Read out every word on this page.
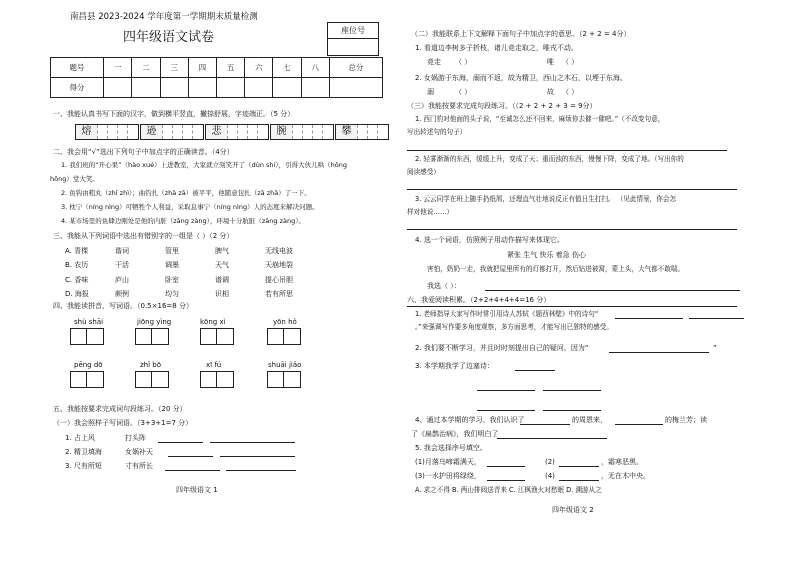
南昌县 2023-2024 学年度第一学期期末质量检测
四年级语文试卷	座位号
题号	一	二	三	四	五	六	七	八	总分
得分									
一、我能认真书写下面的汉字，做到横平竖直，撇捺舒展，字迹端正。（5 分）
熔	逊	悲	腕	攀
二、我会用“√”选出下列句子中加点字的正确读音。（4分）
1. 我们班的“开心果”（hào xué）上进教室，大家就立刻笑开了（dùn shí），引得大伙儿哄（hǒng
hōng）堂大笑。
2. 鱼钩由粗丸（zhǐ zhì）；曲钓扎（zhā zā）被平平，他随意包扎（zā zhā）了一下。
3. 枕宁（níng nìng）可牺牲个人利益，采取息事宁（níng nìng）人的态度来解决问题。
4. 某市场里的鱼肆边刚处是他的内脏（zāng zàng），环境十分肮脏（zāng zàng）。
三、我能从下列词语中选出有错别字的一组是（ ）（2 分）
A. 青棵	谐词	管里	脾气	无线电波
B. 农历	干活	调墨	天气	天崩地裂
C. 香味	庐山	卧室	谱调	提心吊胆
D. 海报	颇例	均匀	识相	若有所思
四、我能读拼音，写词语。（0.5×16=8 分）
shù shāi	jiōng yìng	kōng xì	yōn hǒ
pēng dō	zhǐ bō	xī fú	shuāi jiǎo
五、我能按要求完成词句段练习。（20 分）
（一）我会照样子写词语。（3+3+1=7 分）
1. 占上风	打头阵
2. 精卫填海	女娲补天
3. 尺有所短	寸有所长
四年级语文 1
（二）我能联系上下文解释下面句子中加点字的意思。（2 + 2 = 4分）
1. 看道边李树多子折枝，诸儿竞走取之，唯戎不动。
竞走 （ ）	唯 （ ）
2. 女娲游于东海，溺而不返，故为精卫，西山之木石，以堙于东海。
溺	（ ）	故 （ ）
（三）我能按要求完成句段练习。（（2 + 2 + 2 + 3 = 9分）
1. 西门豹对他面的头子说，“至诚怎么还不回来，麻烦你去催一催吧。”（不改变句意，
写出转述句的句子）
2. 轻雾渐渐的东西，缓缓上升，变成了天；重而浊的东西，慢慢下降，变成了地。（写出你的
阅读感受）
3. 云云同学在班上随手扔纸屑，还理直气壮地说反正有值日生打扫。 （见此情景，你会怎
样对他说……）
4. 选一个词语，仿照例子用动作描写来体现它。
紧张 生气 快乐 着急 伤心
害怕，奶奶一走，我就把屋里所有的灯都打开，然后钻进被窝，蒙上头，大气都不敢喘。
我选（ ）：
六、我爱阅读积累。（2+2+4+4+4=16 分）
1. 老师指导大家写作时常引用诗人苏轼《题西林壁》中的诗句“
。”来强调写作要多角度观察，多方面思考，才能写出已独特的感受。
2. 我们要不断学习，并且时时刻提出自己的疑问，因为“	”
3. 本学期我学了边塞诗：
4、通过本学期的学习、我们认识了	的周恩来，	的梅兰芳；读
了《扁鹊治病》，我们明白了
5. 我会选择序号填空。
(1)月落乌啼霜满天，	(2)	，霜寒恶黑。
(3)一水护田将绿绕，	(4)	，无在木中央。
A. 求之不得 B. 两山排闼送青来 C. 江枫渔火对愁眠 D. 溯游从之
四年级语文 2
